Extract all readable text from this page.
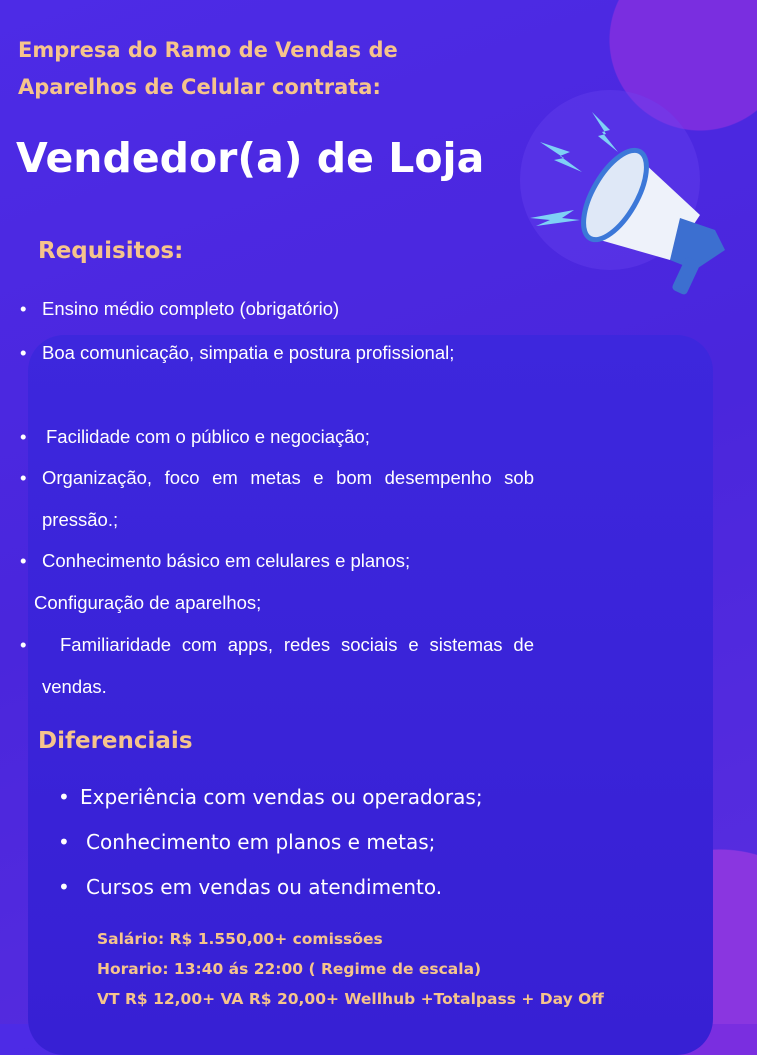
Empresa do Ramo de Vendas de
Aparelhos de Celular contrata:
Vendedor(a) de Loja
Requisitos:
• Ensino médio completo (obrigatório)
• Boa comunicação, simpatia e postura profissional;
• Facilidade com o público e negociação;
• Organização, foco em metas e bom desempenho sob pressão.;
• Conhecimento básico em celulares e planos;
Configuração de aparelhos;
•	Familiaridade com apps, redes sociais e sistemas de vendas.
Diferenciais
• Experiência com vendas ou operadoras;
• Conhecimento em planos e metas;
• Cursos em vendas ou atendimento.
Salário: R$ 1.550,00+ comissões
Horario: 13:40 ás 22:00 ( Regime de escala)
VT R$ 12,00+ VA R$ 20,00+ Wellhub +Totalpass + Day Off
